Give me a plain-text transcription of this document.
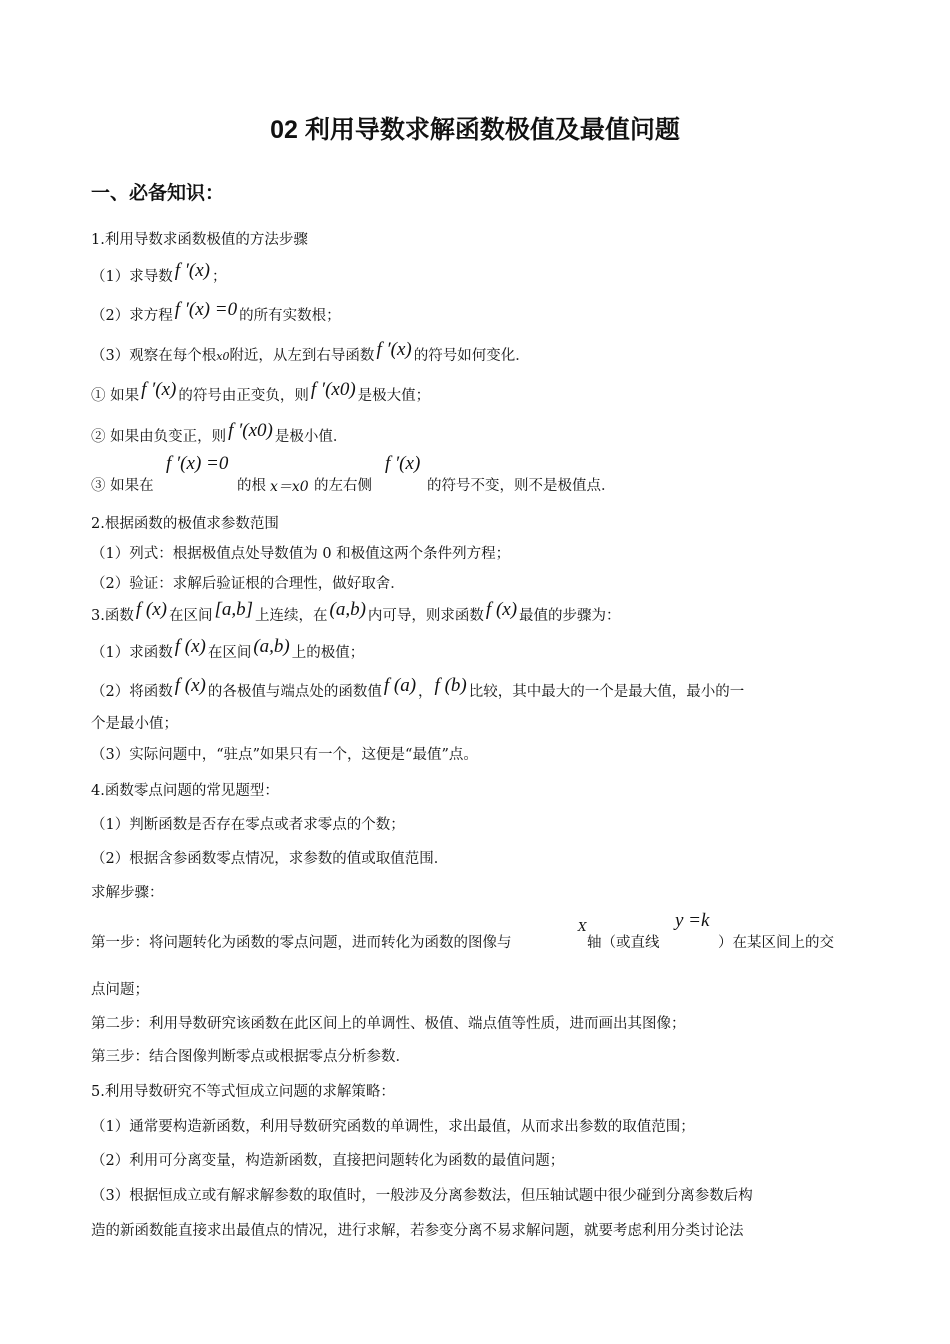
02 利用导数求解函数极值及最值问题
一、必备知识：
1.利用导数求函数极值的方法步骤
（1）求导数 f ′(x) ；
（2）求方程 f ′(x) =0 的所有实数根；
（3）观察在每个根x0附近，从左到右导函数 f ′(x) 的符号如何变化．
① 如果 f ′(x) 的符号由正变负，则 f ′(x0) 是极大值；
② 如果由负变正，则 f ′(x0) 是极小值．
③ 如果在
f ′(x) =0
的根 x＝x0 的左右侧
f ′(x)
的符号不变，则不是极值点．
2.根据函数的极值求参数范围
（1）列式：根据极值点处导数值为 0 和极值这两个条件列方程；
（2）验证：求解后验证根的合理性，做好取舍．
3.函数 f (x) 在区间 [a,b] 上连续，在 (a,b) 内可导，则求函数 f (x) 最值的步骤为：
（1）求函数 f (x) 在区间 (a,b) 上的极值；
（2）将函数 f (x) 的各极值与端点处的函数值 f (a) ， f (b) 比较，其中最大的一个是最大值，最小的一
个是最小值；
（3）实际问题中，“驻点”如果只有一个，这便是“最值”点。
4.函数零点问题的常见题型：
（1）判断函数是否存在零点或者求零点的个数；
（2）根据含参函数零点情况，求参数的值或取值范围．
求解步骤：
第一步：将问题转化为函数的零点问题，进而转化为函数的图像与
X
轴（或直线
y =k
）在某区间上的交
点问题；
第二步：利用导数研究该函数在此区间上的单调性、极值、端点值等性质，进而画出其图像；
第三步：结合图像判断零点或根据零点分析参数．
5.利用导数研究不等式恒成立问题的求解策略：
（1）通常要构造新函数，利用导数研究函数的单调性，求出最值，从而求出参数的取值范围；
（2）利用可分离变量，构造新函数，直接把问题转化为函数的最值问题；
（3）根据恒成立或有解求解参数的取值时，一般涉及分离参数法，但压轴试题中很少碰到分离参数后构
造的新函数能直接求出最值点的情况，进行求解，若参变分离不易求解问题，就要考虑利用分类讨论法
